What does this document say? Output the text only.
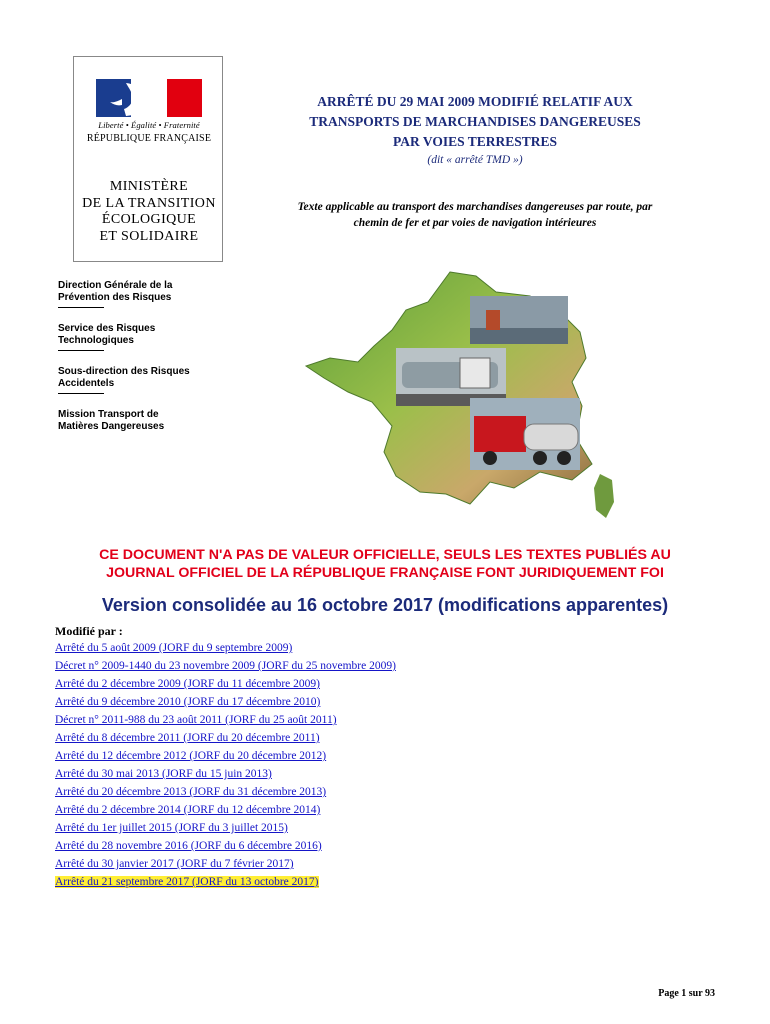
Liberté • Égalité • Fraternité
RÉPUBLIQUE FRANÇAISE
MINISTÈRE
DE LA TRANSITION
ÉCOLOGIQUE
ET SOLIDAIRE
ARRÊTÉ DU 29 MAI 2009 MODIFIÉ RELATIF AUX
TRANSPORTS DE MARCHANDISES DANGEREUSES
PAR VOIES TERRESTRES
(dit « arrêté TMD »)
Texte applicable au transport des marchandises dangereuses par route, par
chemin de fer et par voies de navigation intérieures
Direction Générale de la
Prévention des Risques
Service des Risques
Technologiques
Sous-direction des Risques
Accidentels
Mission Transport de
Matières Dangereuses
CE DOCUMENT N'A PAS DE VALEUR OFFICIELLE, SEULS LES TEXTES PUBLIÉS AU
JOURNAL OFFICIEL DE LA RÉPUBLIQUE FRANÇAISE FONT JURIDIQUEMENT FOI
Version consolidée au 16 octobre 2017 (modifications apparentes)
Modifié par :
Arrêté du 5 août 2009 (JORF du 9 septembre 2009)
Décret n° 2009-1440 du 23 novembre 2009 (JORF du 25 novembre 2009)
Arrêté du 2 décembre 2009 (JORF du 11 décembre 2009)
Arrêté du 9 décembre 2010 (JORF du 17 décembre 2010)
Décret n° 2011-988 du 23 août 2011 (JORF du 25 août 2011)
Arrêté du 8 décembre 2011 (JORF du 20 décembre 2011)
Arrêté du 12 décembre 2012 (JORF du 20 décembre 2012)
Arrêté du 30 mai 2013 (JORF du 15 juin 2013)
Arrêté du 20 décembre 2013 (JORF du 31 décembre 2013)
Arrêté du 2 décembre 2014 (JORF du 12 décembre 2014)
Arrêté du 1er juillet 2015 (JORF du 3 juillet 2015)
Arrêté du 28 novembre 2016 (JORF du 6 décembre 2016)
Arrêté du 30 janvier 2017 (JORF du 7 février 2017)
Arrêté du 21 septembre 2017 (JORF du 13 octobre 2017)
Page 1 sur 93
